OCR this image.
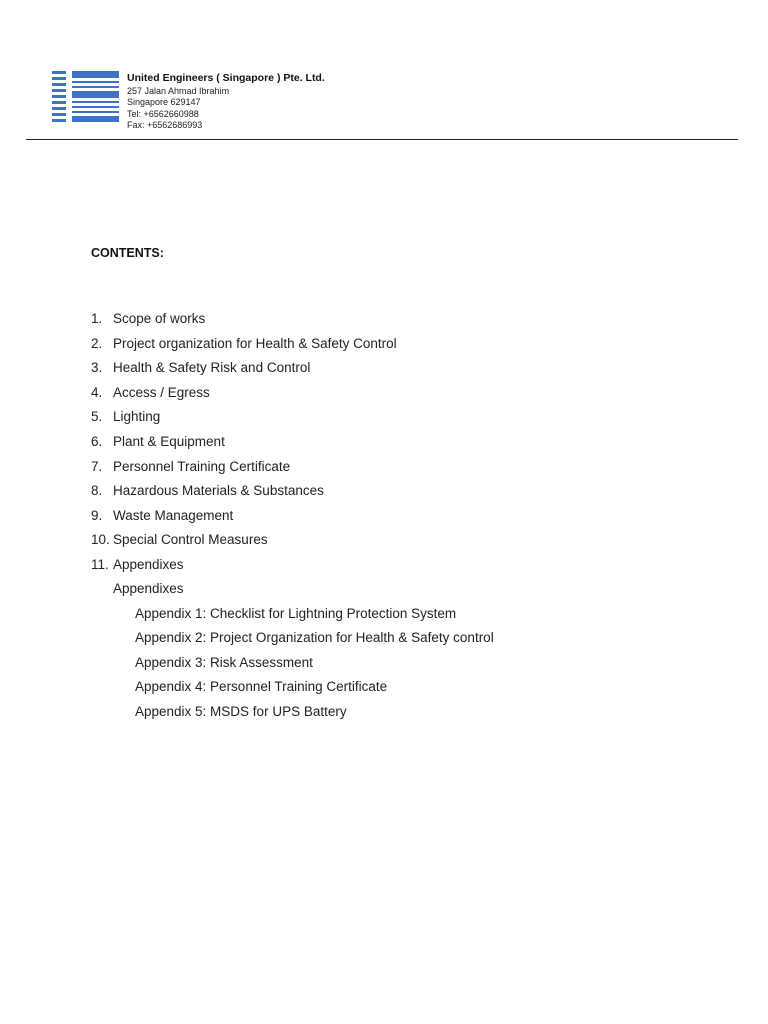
United Engineers ( Singapore ) Pte. Ltd.
257 Jalan Ahmad Ibrahim
Singapore 629147
Tel: +6562660988
Fax: +6562686993
CONTENTS:
1. Scope of works
2. Project organization for Health & Safety Control
3. Health & Safety Risk and Control
4. Access / Egress
5. Lighting
6. Plant & Equipment
7. Personnel Training Certificate
8. Hazardous Materials & Substances
9. Waste Management
10. Special Control Measures
11. Appendixes
Appendixes
Appendix 1: Checklist for Lightning Protection System
Appendix 2: Project Organization for Health & Safety control
Appendix 3: Risk Assessment
Appendix 4: Personnel Training Certificate
Appendix 5: MSDS for UPS Battery
